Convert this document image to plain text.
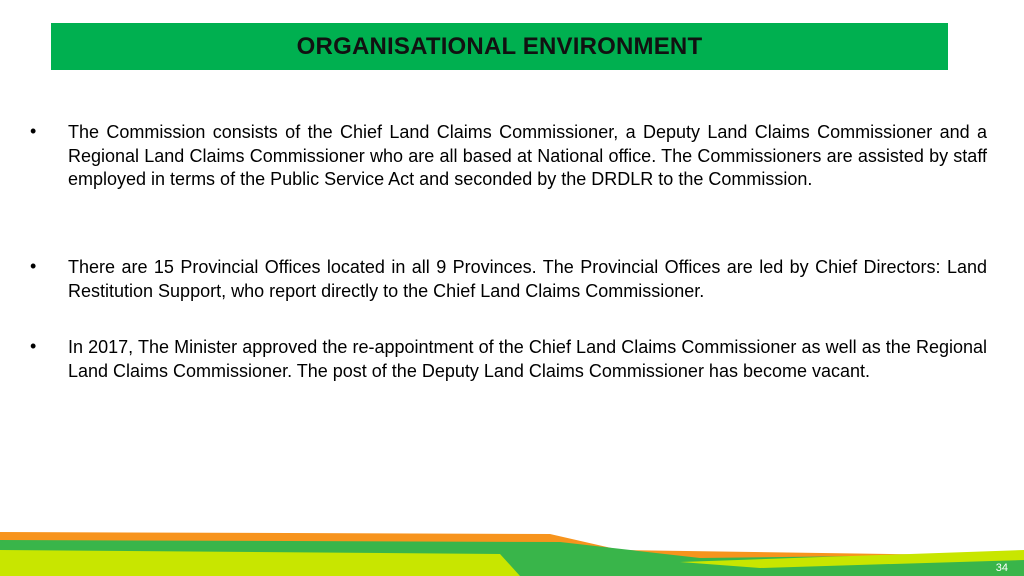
ORGANISATIONAL ENVIRONMENT
• The Commission consists of the Chief Land Claims Commissioner, a Deputy Land Claims Commissioner and a Regional Land Claims Commissioner who are all based at National office. The Commissioners are assisted by staff employed in terms of the Public Service Act and seconded by the DRDLR to the Commission.

• There are 15 Provincial Offices located in all 9 Provinces. The Provincial Offices are led by Chief Directors: Land Restitution Support, who report directly to the Chief Land Claims Commissioner.

• In 2017, The Minister approved the re-appointment of the Chief Land Claims Commissioner as well as the Regional Land Claims Commissioner. The post of the Deputy Land Claims Commissioner has become vacant.

34
